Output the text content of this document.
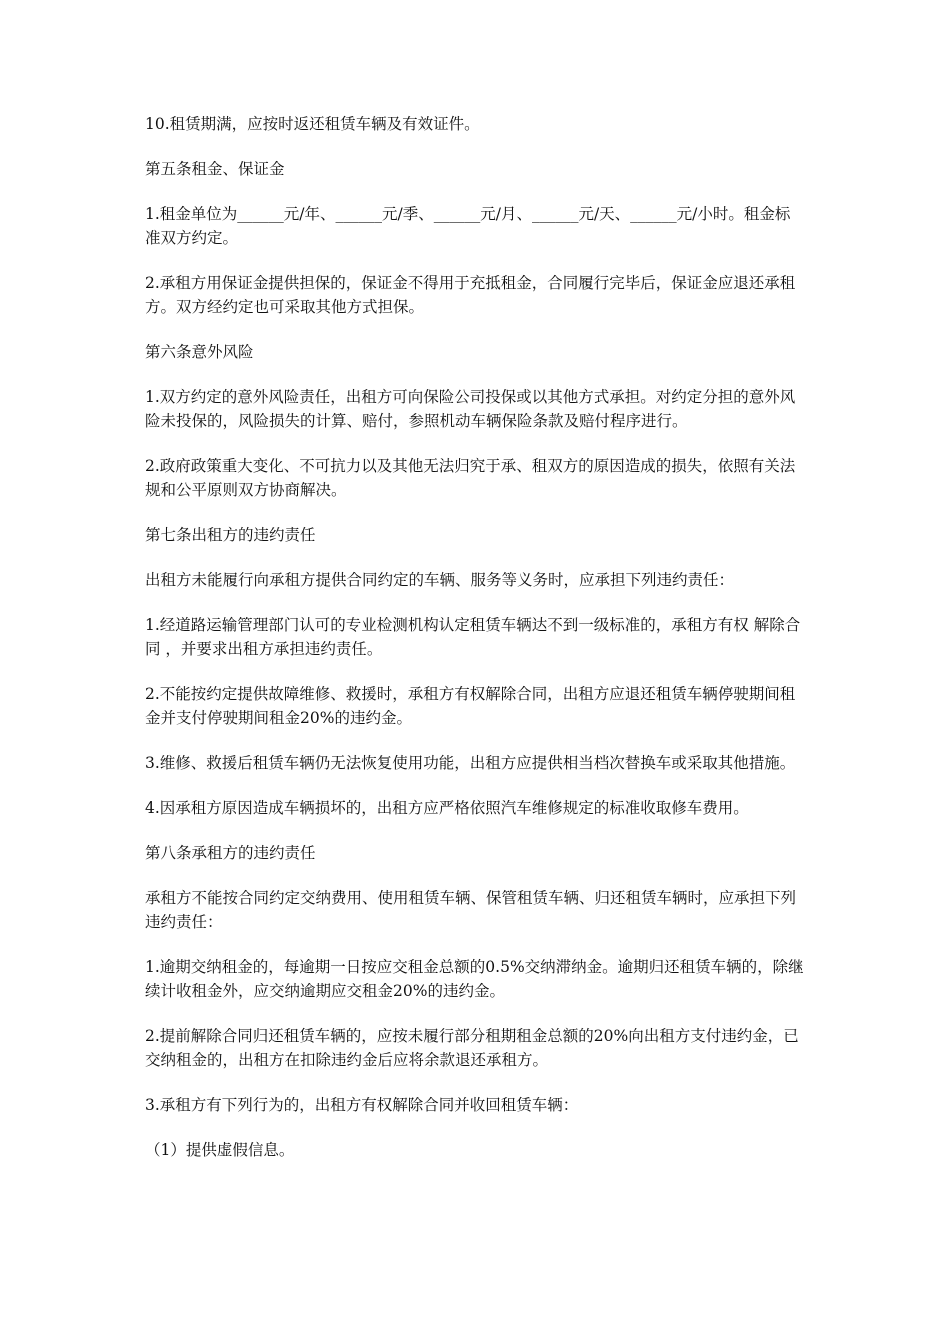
10.租赁期满，应按时返还租赁车辆及有效证件。

第五条租金、保证金

1.租金单位为______元/年、______元/季、______元/月、______元/天、______元/小时。租金标准双方约定。

2.承租方用保证金提供担保的，保证金不得用于充抵租金，合同履行完毕后，保证金应退还承租方。双方经约定也可采取其他方式担保。

第六条意外风险

1.双方约定的意外风险责任，出租方可向保险公司投保或以其他方式承担。对约定分担的意外风险未投保的，风险损失的计算、赔付，参照机动车辆保险条款及赔付程序进行。

2.政府政策重大变化、不可抗力以及其他无法归究于承、租双方的原因造成的损失，依照有关法规和公平原则双方协商解决。

第七条出租方的违约责任

出租方未能履行向承租方提供合同约定的车辆、服务等义务时，应承担下列违约责任：

1.经道路运输管理部门认可的专业检测机构认定租赁车辆达不到一级标准的，承租方有权 解除合同 ，并要求出租方承担违约责任。

2.不能按约定提供故障维修、救援时，承租方有权解除合同，出租方应退还租赁车辆停驶期间租金并支付停驶期间租金20%的违约金。

3.维修、救援后租赁车辆仍无法恢复使用功能，出租方应提供相当档次替换车或采取其他措施。

4.因承租方原因造成车辆损坏的，出租方应严格依照汽车维修规定的标准收取修车费用。

第八条承租方的违约责任

承租方不能按合同约定交纳费用、使用租赁车辆、保管租赁车辆、归还租赁车辆时，应承担下列违约责任：

1.逾期交纳租金的，每逾期一日按应交租金总额的0.5%交纳滞纳金。逾期归还租赁车辆的，除继续计收租金外，应交纳逾期应交租金20%的违约金。

2.提前解除合同归还租赁车辆的，应按未履行部分租期租金总额的20%向出租方支付违约金，已交纳租金的，出租方在扣除违约金后应将余款退还承租方。

3.承租方有下列行为的，出租方有权解除合同并收回租赁车辆：

（1）提供虚假信息。
